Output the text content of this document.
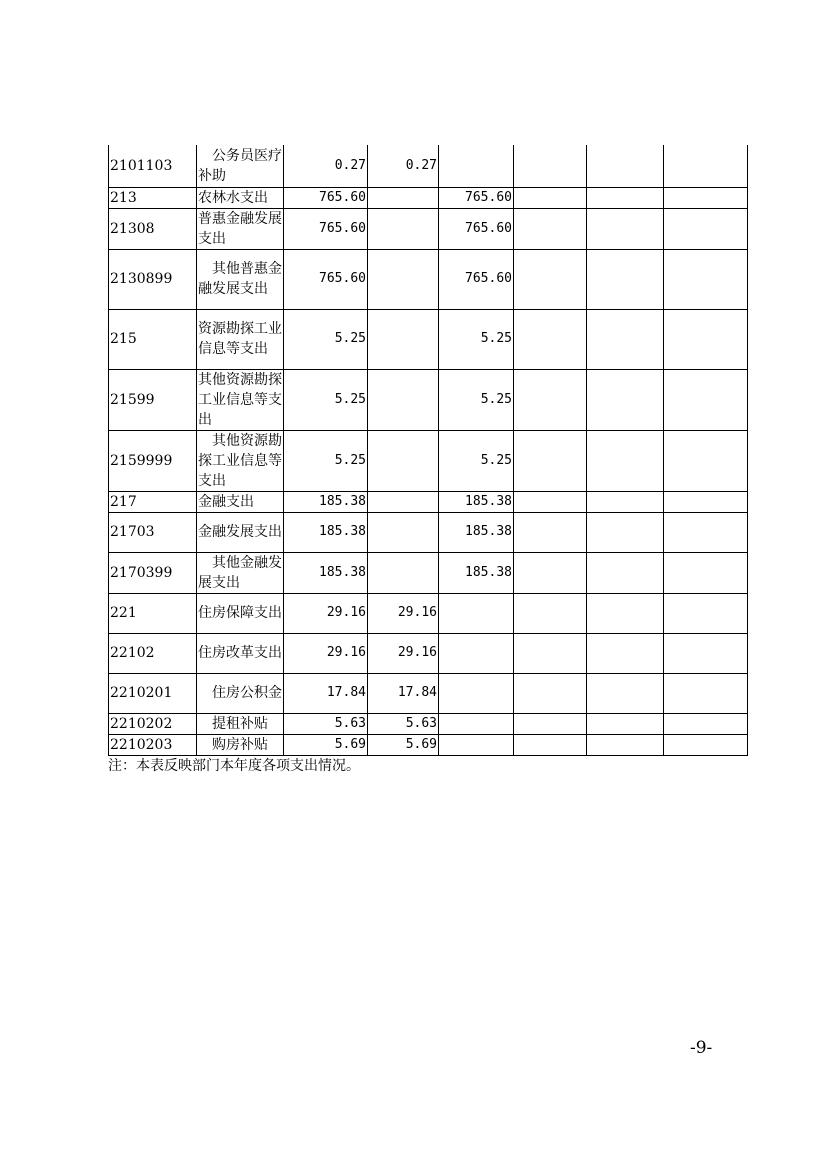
2101103	公务员医疗补助	0.27	0.27				
213	农林水支出	765.60		765.60			
21308	普惠金融发展支出	765.60		765.60			
2130899	其他普惠金融发展支出	765.60		765.60			
215	资源勘探工业信息等支出	5.25		5.25			
21599	其他资源勘探工业信息等支出	5.25		5.25			
2159999	其他资源勘探工业信息等支出	5.25		5.25			
217	金融支出	185.38		185.38			
21703	金融发展支出	185.38		185.38			
2170399	其他金融发展支出	185.38		185.38			
221	住房保障支出	29.16	29.16				
22102	住房改革支出	29.16	29.16				
2210201	住房公积金	17.84	17.84				
2210202	提租补贴	5.63	5.63				
2210203	购房补贴	5.69	5.69				
注：本表反映部门本年度各项支出情况。
-9-
